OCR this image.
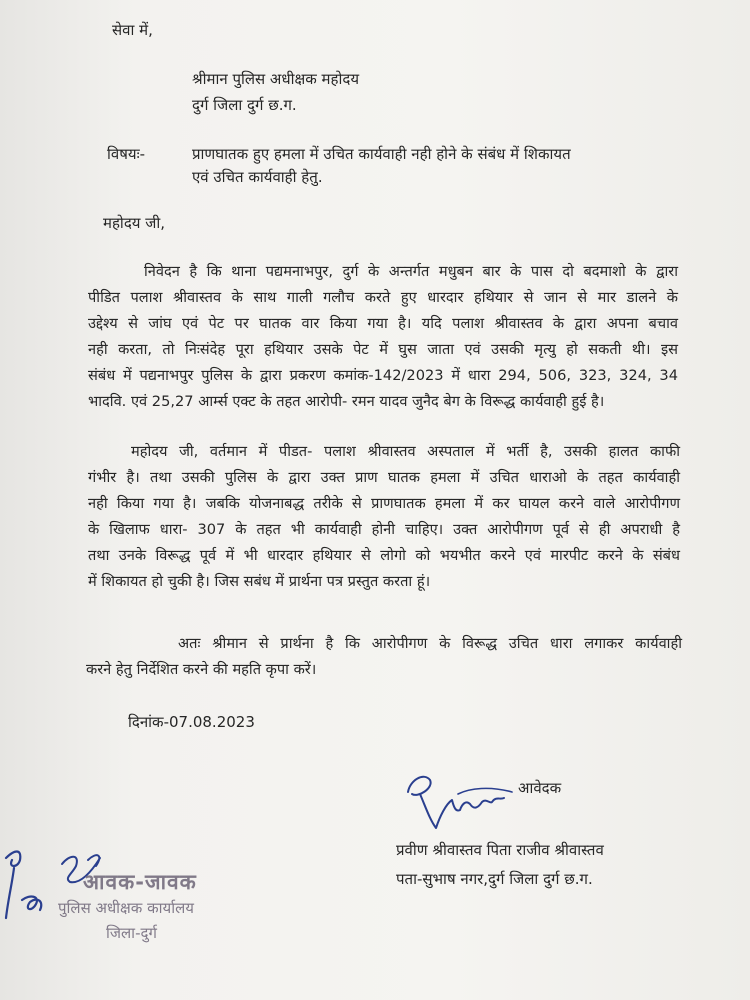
सेवा में,
श्रीमान पुलिस अधीक्षक महोदय
दुर्ग जिला दुर्ग छ.ग.
विषयः-	प्राणघातक हुए हमला में उचित कार्यवाही नही होने के संबंध में शिकायत
एवं उचित कार्यवाही हेतु.
महोदय जी,
निवेदन है कि थाना पद्यमनाभपुर, दुर्ग के अन्तर्गत मधुबन बार के पास दो बदमाशो के द्वारा
पीडित पलाश श्रीवास्तव के साथ गाली गलौच करते हुए धारदार हथियार से जान से मार डालने के
उद्देश्य से जांघ एवं पेट पर घातक वार किया गया है। यदि पलाश श्रीवास्तव के द्वारा अपना बचाव
नही करता, तो निःसंदेह पूरा हथियार उसके पेट में घुस जाता एवं उसकी मृत्यु हो सकती थी। इस
संबंध में पद्यनाभपुर पुलिस के द्वारा प्रकरण कमांक-142/2023 में धारा 294, 506, 323, 324, 34
भादवि. एवं 25,27 आर्म्स एक्ट के तहत आरोपी- रमन यादव जुनैद बेग के विरूद्ध कार्यवाही हुई है।
महोदय जी, वर्तमान में पीडत- पलाश श्रीवास्तव अस्पताल में भर्ती है, उसकी हालत काफी
गंभीर है। तथा उसकी पुलिस के द्वारा उक्त प्राण घातक हमला में उचित धाराओ के तहत कार्यवाही
नही किया गया है। जबकि योजनाबद्ध तरीके से प्राणघातक हमला में कर घायल करने वाले आरोपीगण
के खिलाफ धारा- 307 के तहत भी कार्यवाही होनी चाहिए। उक्त आरोपीगण पूर्व से ही अपराधी है
तथा उनके विरूद्ध पूर्व में भी धारदार हथियार से लोगो को भयभीत करने एवं मारपीट करने के संबंध
में शिकायत हो चुकी है। जिस सबंध में प्रार्थना पत्र प्रस्तुत करता हूं।
अतः श्रीमान से प्रार्थना है कि आरोपीगण के विरूद्ध उचित धारा लगाकर कार्यवाही
करने हेतु निर्देशित करने की महति कृपा करें।
दिनांक-07.08.2023
आवेदक
प्रवीण श्रीवास्तव पिता राजीव श्रीवास्तव
पता-सुभाष नगर,दुर्ग जिला दुर्ग छ.ग.
आवक-जावक
पुलिस अधीक्षक कार्यालय
जिला-दुर्ग
